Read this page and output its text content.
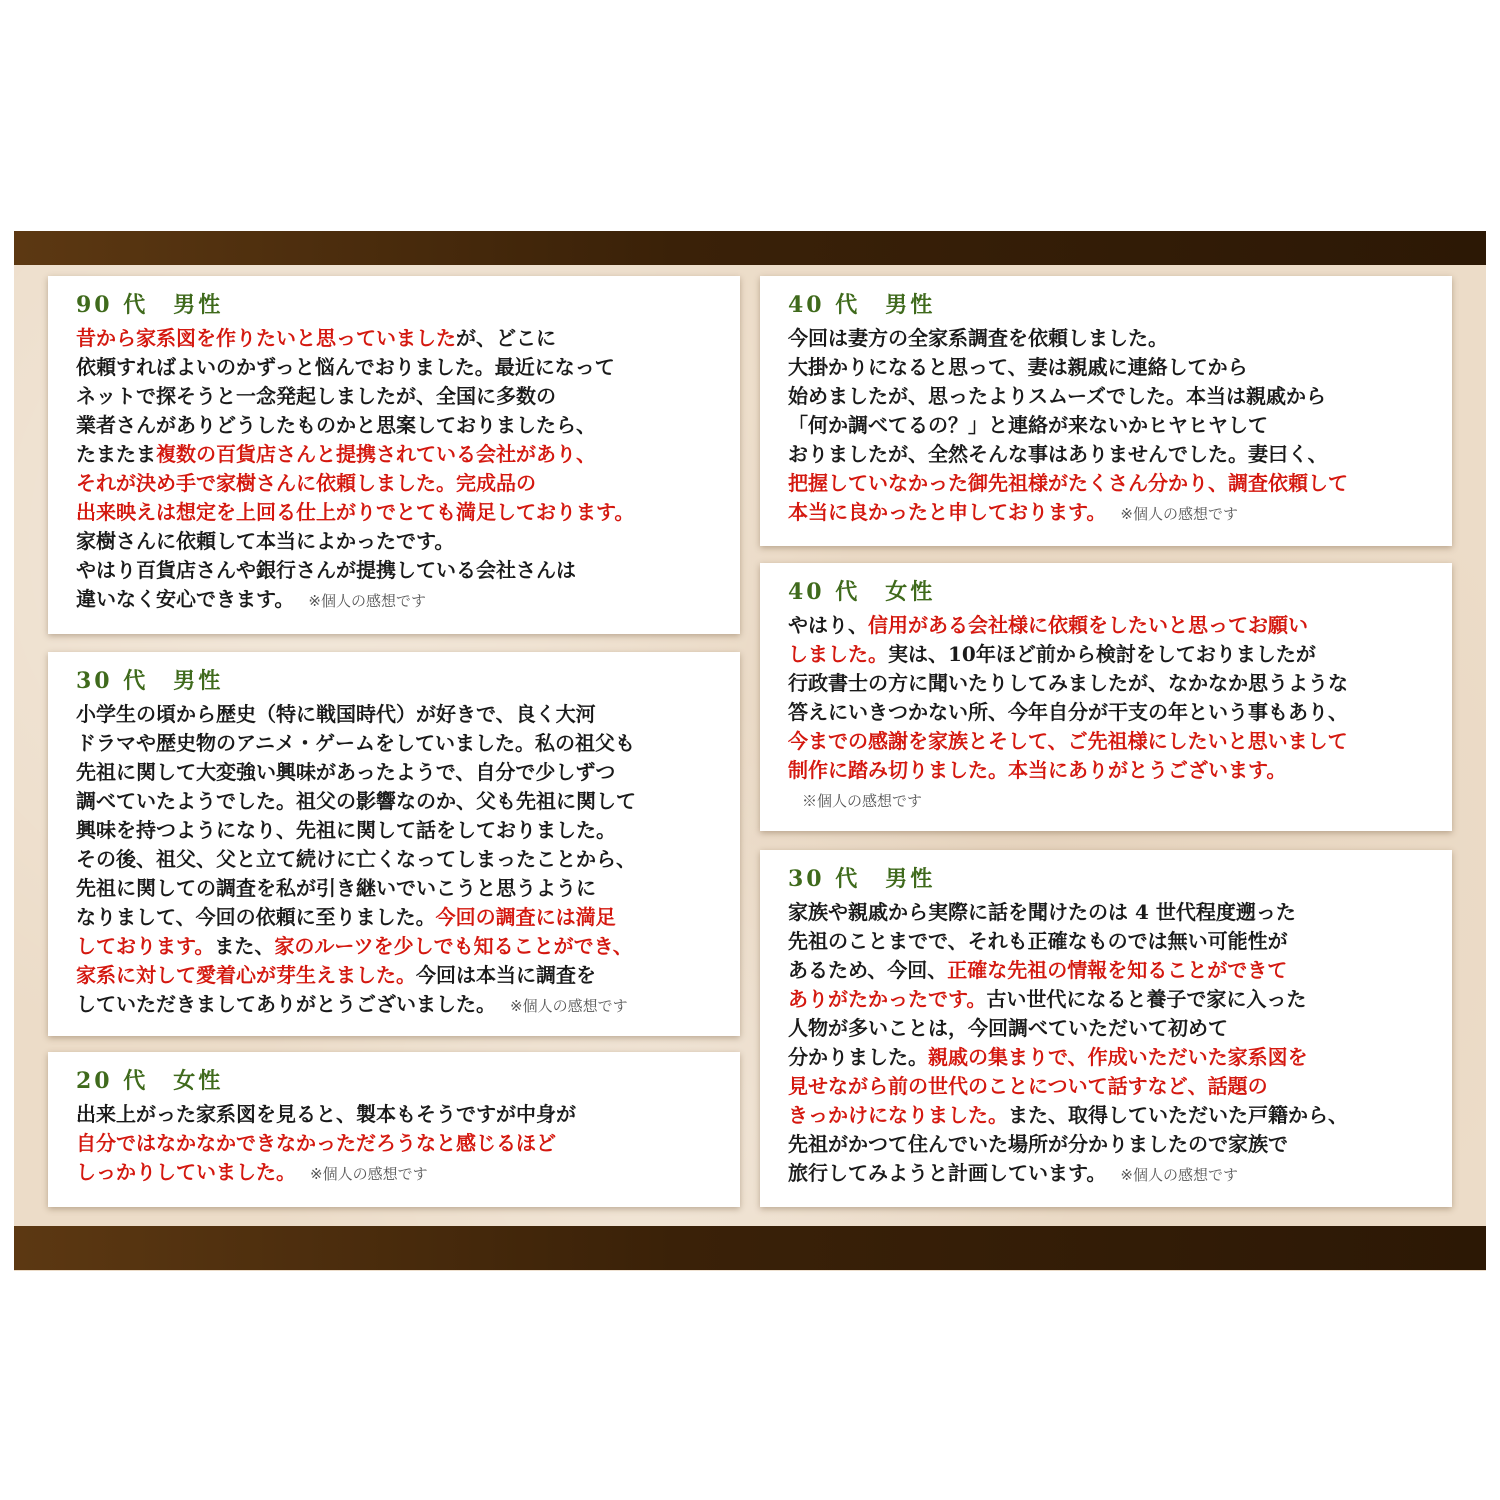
90 代　男性
昔から家系図を作りたいと思っていましたが、どこに
依頼すればよいのかずっと悩んでおりました。最近になって
ネットで探そうと一念発起しましたが、全国に多数の
業者さんがありどうしたものかと思案しておりましたら、
たまたま複数の百貨店さんと提携されている会社があり、
それが決め手で家樹さんに依頼しました。完成品の
出来映えは想定を上回る仕上がりでとても満足しております。
家樹さんに依頼して本当によかったです。
やはり百貨店さんや銀行さんが提携している会社さんは
違いなく安心できます。 ※個人の感想です
30 代　男性
小学生の頃から歴史（特に戦国時代）が好きで、良く大河
ドラマや歴史物のアニメ・ゲームをしていました。私の祖父も
先祖に関して大変強い興味があったようで、自分で少しずつ
調べていたようでした。祖父の影響なのか、父も先祖に関して
興味を持つようになり、先祖に関して話をしておりました。
その後、祖父、父と立て続けに亡くなってしまったことから、
先祖に関しての調査を私が引き継いでいこうと思うように
なりまして、今回の依頼に至りました。今回の調査には満足
しております。また、家のルーツを少しでも知ることができ、
家系に対して愛着心が芽生えました。今回は本当に調査を
していただきましてありがとうございました。 ※個人の感想です
20 代　女性
出来上がった家系図を見ると、製本もそうですが中身が
自分ではなかなかできなかっただろうなと感じるほど
しっかりしていました。 ※個人の感想です
40 代　男性
今回は妻方の全家系調査を依頼しました。
大掛かりになると思って、妻は親戚に連絡してから
始めましたが、思ったよりスムーズでした。本当は親戚から
「何か調べてるの？」と連絡が来ないかヒヤヒヤして
おりましたが、全然そんな事はありませんでした。妻曰く、
把握していなかった御先祖様がたくさん分かり、調査依頼して
本当に良かったと申しております。 ※個人の感想です
40 代　女性
やはり、信用がある会社様に依頼をしたいと思ってお願い
しました。実は、10年ほど前から検討をしておりましたが
行政書士の方に聞いたりしてみましたが、なかなか思うような
答えにいきつかない所、今年自分が干支の年という事もあり、
今までの感謝を家族とそして、ご先祖様にしたいと思いまして
制作に踏み切りました。本当にありがとうございます。
※個人の感想です
30 代　男性
家族や親戚から実際に話を聞けたのは 4 世代程度遡った
先祖のことまでで、それも正確なものでは無い可能性が
あるため、今回、正確な先祖の情報を知ることができて
ありがたかったです。古い世代になると養子で家に入った
人物が多いことは，今回調べていただいて初めて
分かりました。親戚の集まりで、作成いただいた家系図を
見せながら前の世代のことについて話すなど、話題の
きっかけになりました。また、取得していただいた戸籍から、
先祖がかつて住んでいた場所が分かりましたので家族で
旅行してみようと計画しています。 ※個人の感想です
